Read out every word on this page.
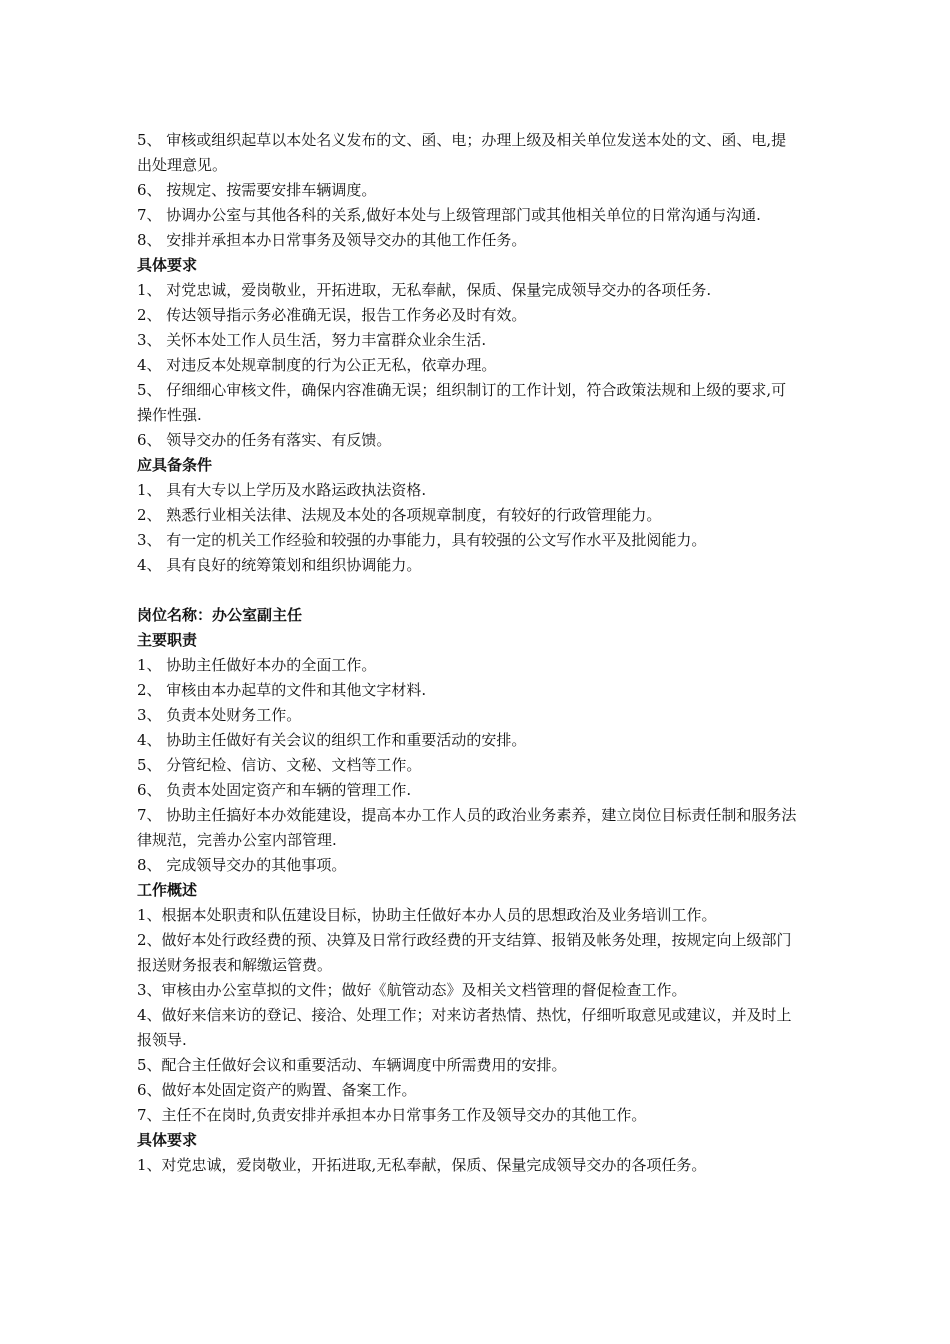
5、 审核或组织起草以本处名义发布的文、函、电；办理上级及相关单位发送本处的文、函、电,提出处理意见。

6、 按规定、按需要安排车辆调度。

7、 协调办公室与其他各科的关系,做好本处与上级管理部门或其他相关单位的日常沟通与沟通.

8、 安排并承担本办日常事务及领导交办的其他工作任务。

具体要求

1、 对党忠诚，爱岗敬业，开拓进取，无私奉献，保质、保量完成领导交办的各项任务.

2、 传达领导指示务必准确无误，报告工作务必及时有效。

3、 关怀本处工作人员生活，努力丰富群众业余生活.

4、 对违反本处规章制度的行为公正无私，依章办理。

5、 仔细细心审核文件，确保内容准确无误；组织制订的工作计划，符合政策法规和上级的要求,可操作性强.

6、 领导交办的任务有落实、有反馈。

应具备条件

1、 具有大专以上学历及水路运政执法资格.

2、 熟悉行业相关法律、法规及本处的各项规章制度，有较好的行政管理能力。

3、 有一定的机关工作经验和较强的办事能力，具有较强的公文写作水平及批阅能力。

4、 具有良好的统筹策划和组织协调能力。

岗位名称：办公室副主任
主要职责

1、 协助主任做好本办的全面工作。

2、 审核由本办起草的文件和其他文字材料.

3、 负责本处财务工作。

4、 协助主任做好有关会议的组织工作和重要活动的安排。

5、 分管纪检、信访、文秘、文档等工作。

6、 负责本处固定资产和车辆的管理工作.

7、 协助主任搞好本办效能建设，提高本办工作人员的政治业务素养，建立岗位目标责任制和服务法律规范，完善办公室内部管理.

8、 完成领导交办的其他事项。

工作概述

1、根据本处职责和队伍建设目标，协助主任做好本办人员的思想政治及业务培训工作。

2、做好本处行政经费的预、决算及日常行政经费的开支结算、报销及帐务处理，按规定向上级部门报送财务报表和解缴运管费。

3、审核由办公室草拟的文件；做好《航管动态》及相关文档管理的督促检查工作。

4、做好来信来访的登记、接洽、处理工作；对来访者热情、热忱，仔细听取意见或建议，并及时上报领导.

5、配合主任做好会议和重要活动、车辆调度中所需费用的安排。

6、做好本处固定资产的购置、备案工作。

7、主任不在岗时,负责安排并承担本办日常事务工作及领导交办的其他工作。

具体要求

1、对党忠诚，爱岗敬业，开拓进取,无私奉献，保质、保量完成领导交办的各项任务。
